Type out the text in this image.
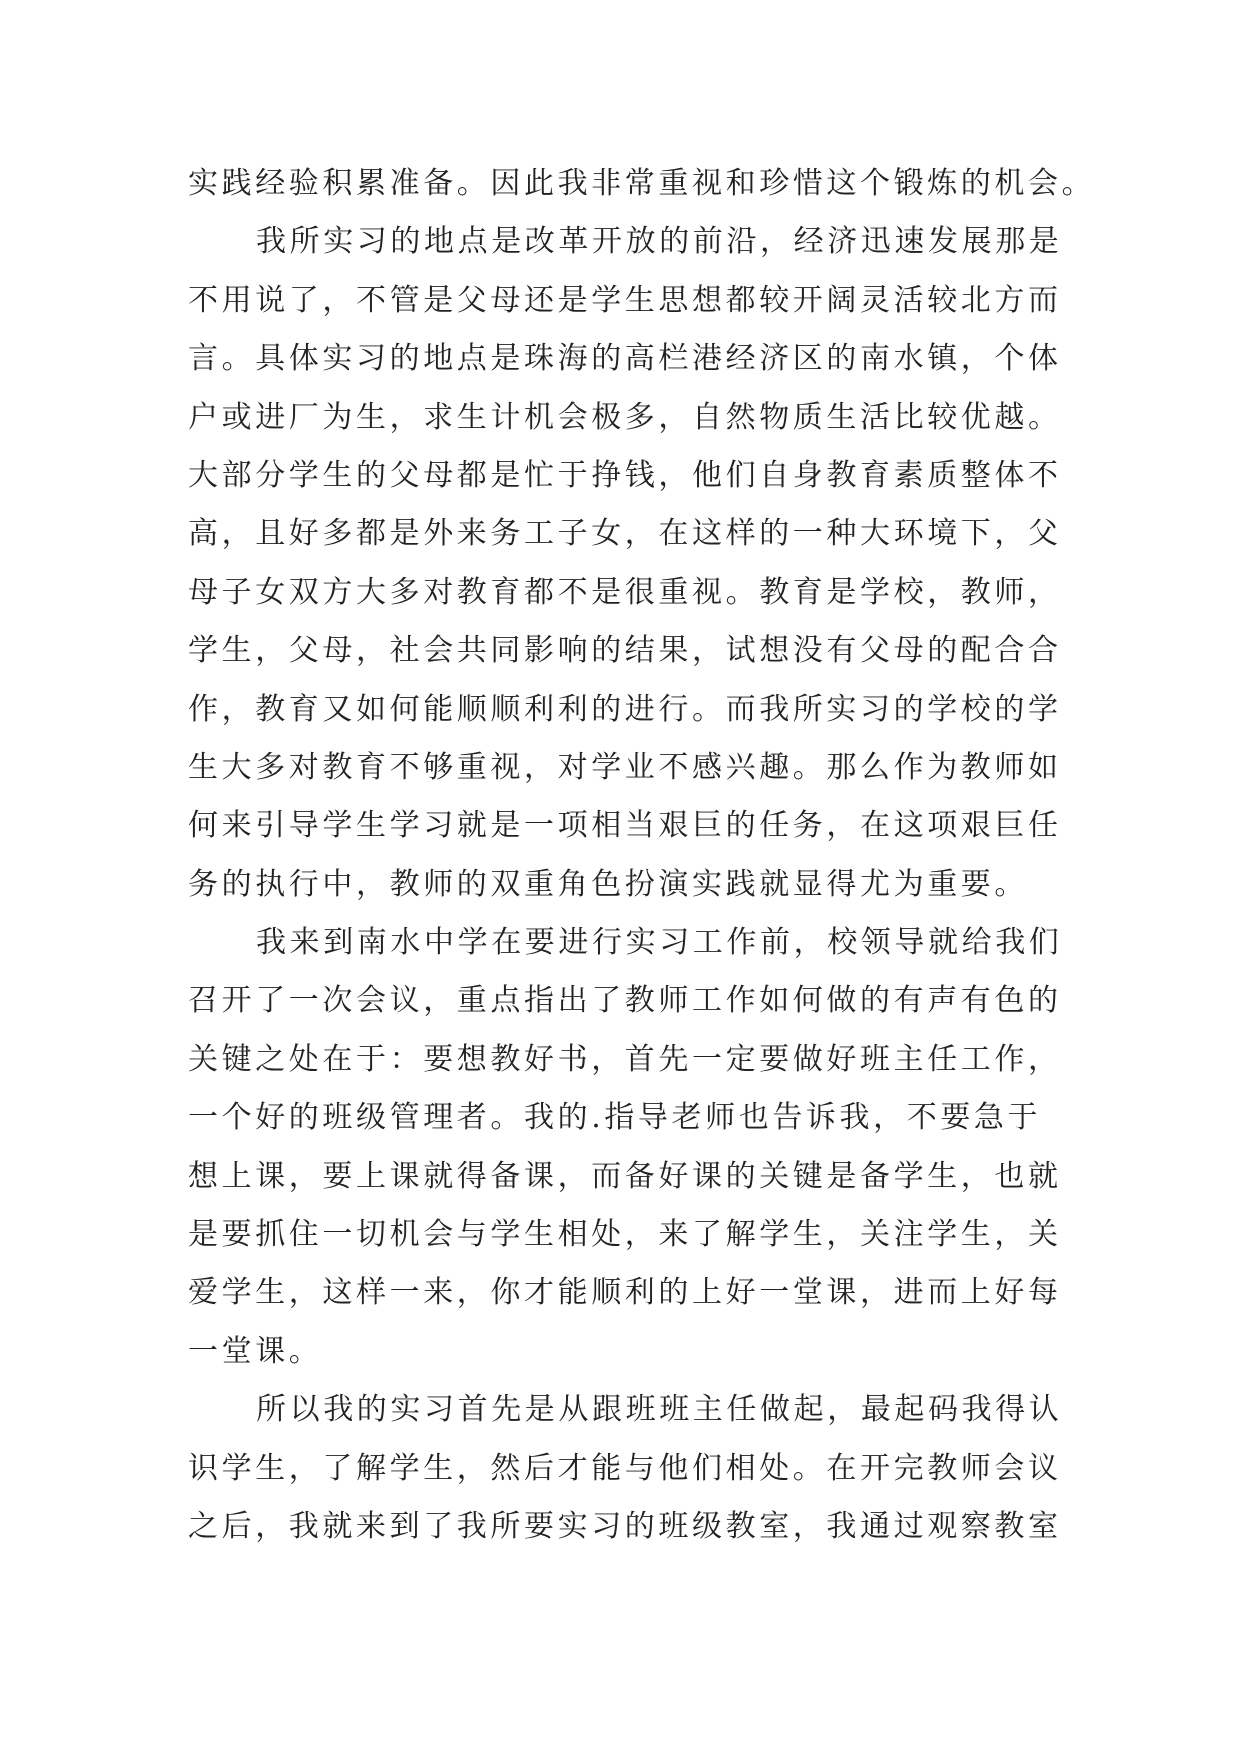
实践经验积累准备。因此我非常重视和珍惜这个锻炼的机会。
我所实习的地点是改革开放的前沿，经济迅速发展那是
不用说了，不管是父母还是学生思想都较开阔灵活较北方而
言。具体实习的地点是珠海的高栏港经济区的南水镇，个体
户或进厂为生，求生计机会极多，自然物质生活比较优越。
大部分学生的父母都是忙于挣钱，他们自身教育素质整体不
高，且好多都是外来务工子女，在这样的一种大环境下，父
母子女双方大多对教育都不是很重视。教育是学校，教师，
学生，父母，社会共同影响的结果，试想没有父母的配合合
作，教育又如何能顺顺利利的进行。而我所实习的学校的学
生大多对教育不够重视，对学业不感兴趣。那么作为教师如
何来引导学生学习就是一项相当艰巨的任务，在这项艰巨任
务的执行中，教师的双重角色扮演实践就显得尤为重要。
我来到南水中学在要进行实习工作前，校领导就给我们
召开了一次会议，重点指出了教师工作如何做的有声有色的
关键之处在于：要想教好书，首先一定要做好班主任工作，
一个好的班级管理者。我的.指导老师也告诉我，不要急于
想上课，要上课就得备课，而备好课的关键是备学生，也就
是要抓住一切机会与学生相处，来了解学生，关注学生，关
爱学生，这样一来，你才能顺利的上好一堂课，进而上好每
一堂课。
所以我的实习首先是从跟班班主任做起，最起码我得认
识学生，了解学生，然后才能与他们相处。在开完教师会议
之后，我就来到了我所要实习的班级教室，我通过观察教室
